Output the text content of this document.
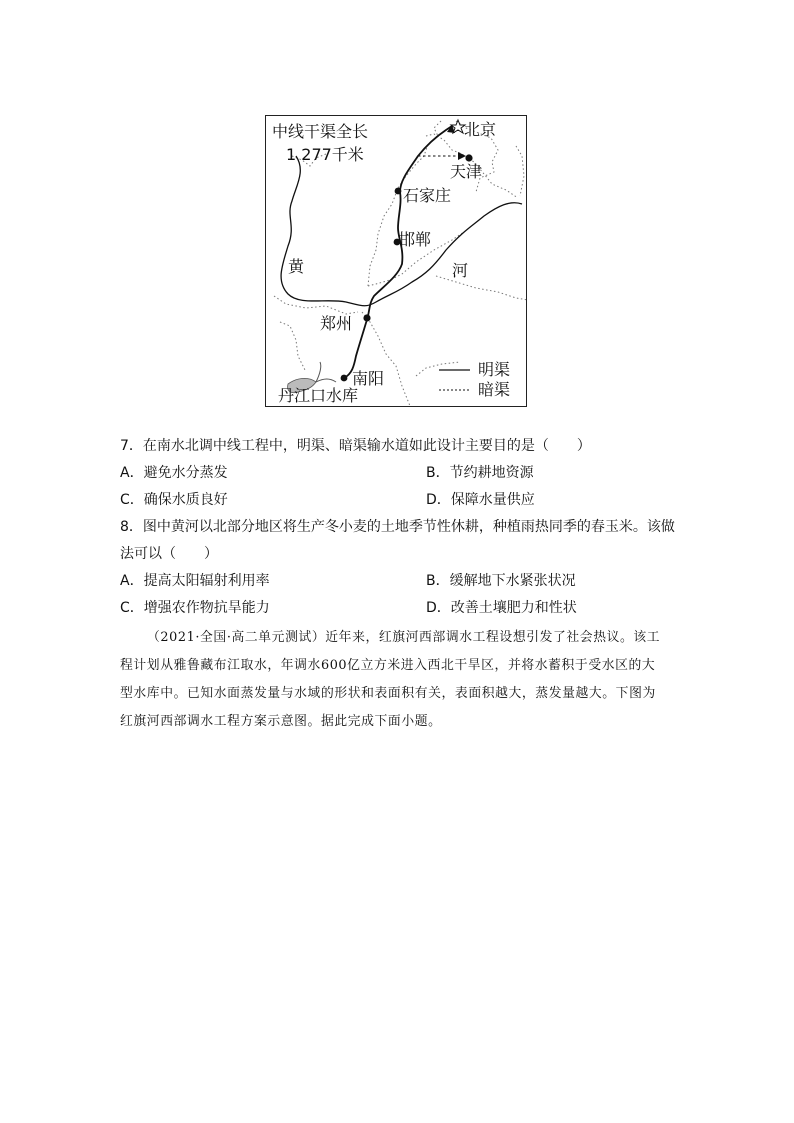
中线干渠全长
1 277千米
北京
天津
石家庄
邯郸
黄	河
郑州
南阳
丹江口水库
明渠
暗渠
7．在南水北调中线工程中，明渠、暗渠输水道如此设计主要目的是（　　）
A．避免水分蒸发	B．节约耕地资源
C．确保水质良好	D．保障水量供应
8．图中黄河以北部分地区将生产冬小麦的土地季节性休耕，种植雨热同季的春玉米。该做
法可以（　　）
A．提高太阳辐射利用率	B．缓解地下水紧张状况
C．增强农作物抗旱能力	D．改善土壤肥力和性状
（2021·全国·高二单元测试）近年来，红旗河西部调水工程设想引发了社会热议。该工
程计划从雅鲁藏布江取水，年调水600亿立方米进入西北干旱区，并将水蓄积于受水区的大
型水库中。已知水面蒸发量与水域的形状和表面积有关，表面积越大，蒸发量越大。下图为
红旗河西部调水工程方案示意图。据此完成下面小题。
